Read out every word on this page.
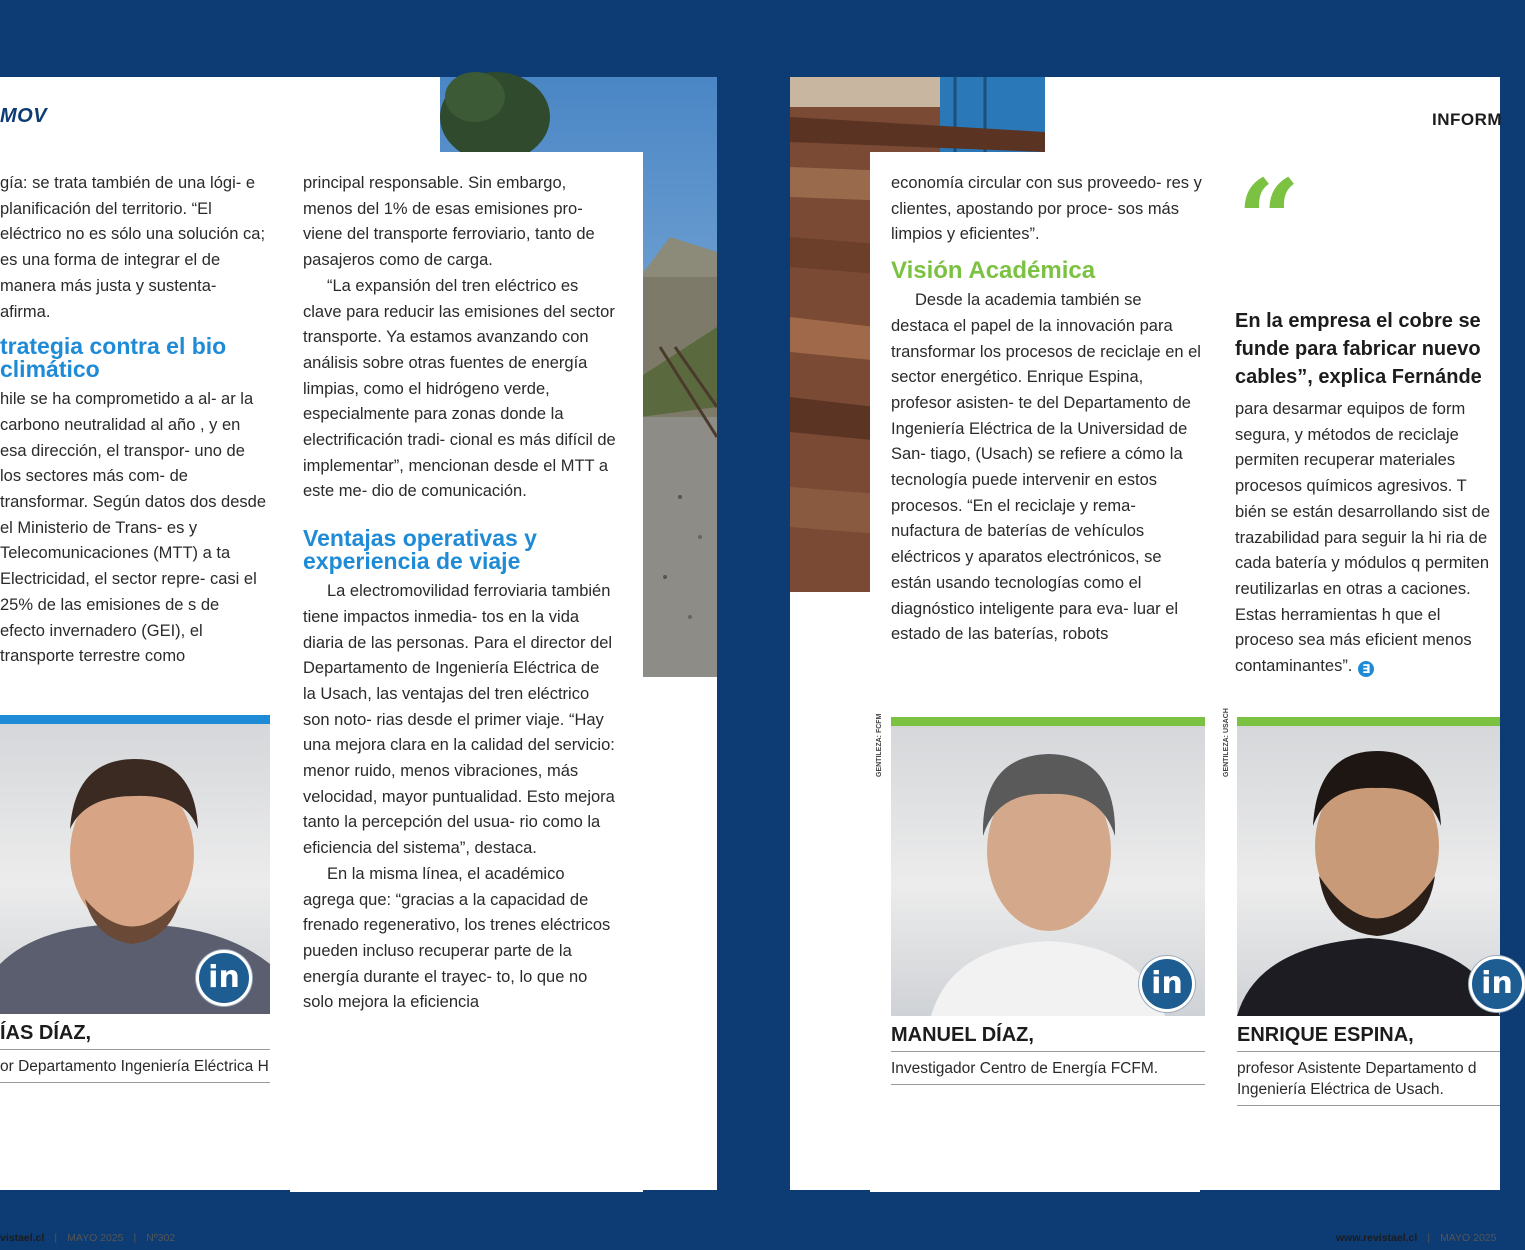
MOV

gía: se trata también de una lógi- e planificación del territorio. “El eléctrico no es sólo una solución ca; es una forma de integrar el de manera más justa y sustenta- afirma.

trategia contra el bio climático

hile se ha comprometido a al- ar la carbono neutralidad al año , y en esa dirección, el transpor- uno de los sectores más com- de transformar. Según datos dos desde el Ministerio de Trans- es y Telecomunicaciones (MTT) a ta Electricidad, el sector repre- casi el 25% de las emisiones de s de efecto invernadero (GEI), el transporte terrestre como

principal responsable. Sin embargo, menos del 1% de esas emisiones pro- viene del transporte ferroviario, tanto de pasajeros como de carga.

“La expansión del tren eléctrico es clave para reducir las emisiones del sector transporte. Ya estamos avanzando con análisis sobre otras fuentes de energía limpias, como el hidrógeno verde, especialmente para zonas donde la electrificación tradi- cional es más difícil de implementar”, mencionan desde el MTT a este me- dio de comunicación.

Ventajas operativas y experiencia de viaje

La electromovilidad ferroviaria también tiene impactos inmedia- tos en la vida diaria de las personas. Para el director del Departamento de Ingeniería Eléctrica de la Usach, las ventajas del tren eléctrico son noto- rias desde el primer viaje. “Hay una mejora clara en la calidad del servicio: menor ruido, menos vibraciones, más velocidad, mayor puntualidad. Esto mejora tanto la percepción del usua- rio como la eficiencia del sistema”, destaca.

En la misma línea, el académico agrega que: “gracias a la capacidad de frenado regenerativo, los trenes eléctricos pueden incluso recuperar parte de la energía durante el trayec- to, lo que no solo mejora la eficiencia

in
ÍAS DÍAZ,
or Departamento Ingeniería Eléctrica H
vistael.cl | MAYO 2025 | Nº302
INFORM

economía circular con sus proveedo- res y clientes, apostando por proce- sos más limpios y eficientes”.

Visión Académica

Desde la academia también se destaca el papel de la innovación para transformar los procesos de reciclaje en el sector energético. Enrique Espina, profesor asisten- te del Departamento de Ingeniería Eléctrica de la Universidad de San- tiago, (Usach) se refiere a cómo la tecnología puede intervenir en estos procesos. “En el reciclaje y rema- nufactura de baterías de vehículos eléctricos y aparatos electrónicos, se están usando tecnologías como el diagnóstico inteligente para eva- luar el estado de las baterías, robots

“
En la empresa el cobre se
funde para fabricar nuevo
cables”, explica Fernánde

para desarmar equipos de form segura, y métodos de reciclaje permiten recuperar materiales procesos químicos agresivos. T bién se están desarrollando sist de trazabilidad para seguir la hi ria de cada batería y módulos q permiten reutilizarlas en otras a caciones. Estas herramientas h que el proceso sea más eficient menos contaminantes”. ∃

GENTILEZA: FCFM
in
MANUEL DÍAZ,
Investigador Centro de Energía FCFM.
GENTILEZA: USACH
in
ENRIQUE ESPINA,
profesor Asistente Departamento d Ingeniería Eléctrica de Usach.
www.revistael.cl | MAYO 2025
